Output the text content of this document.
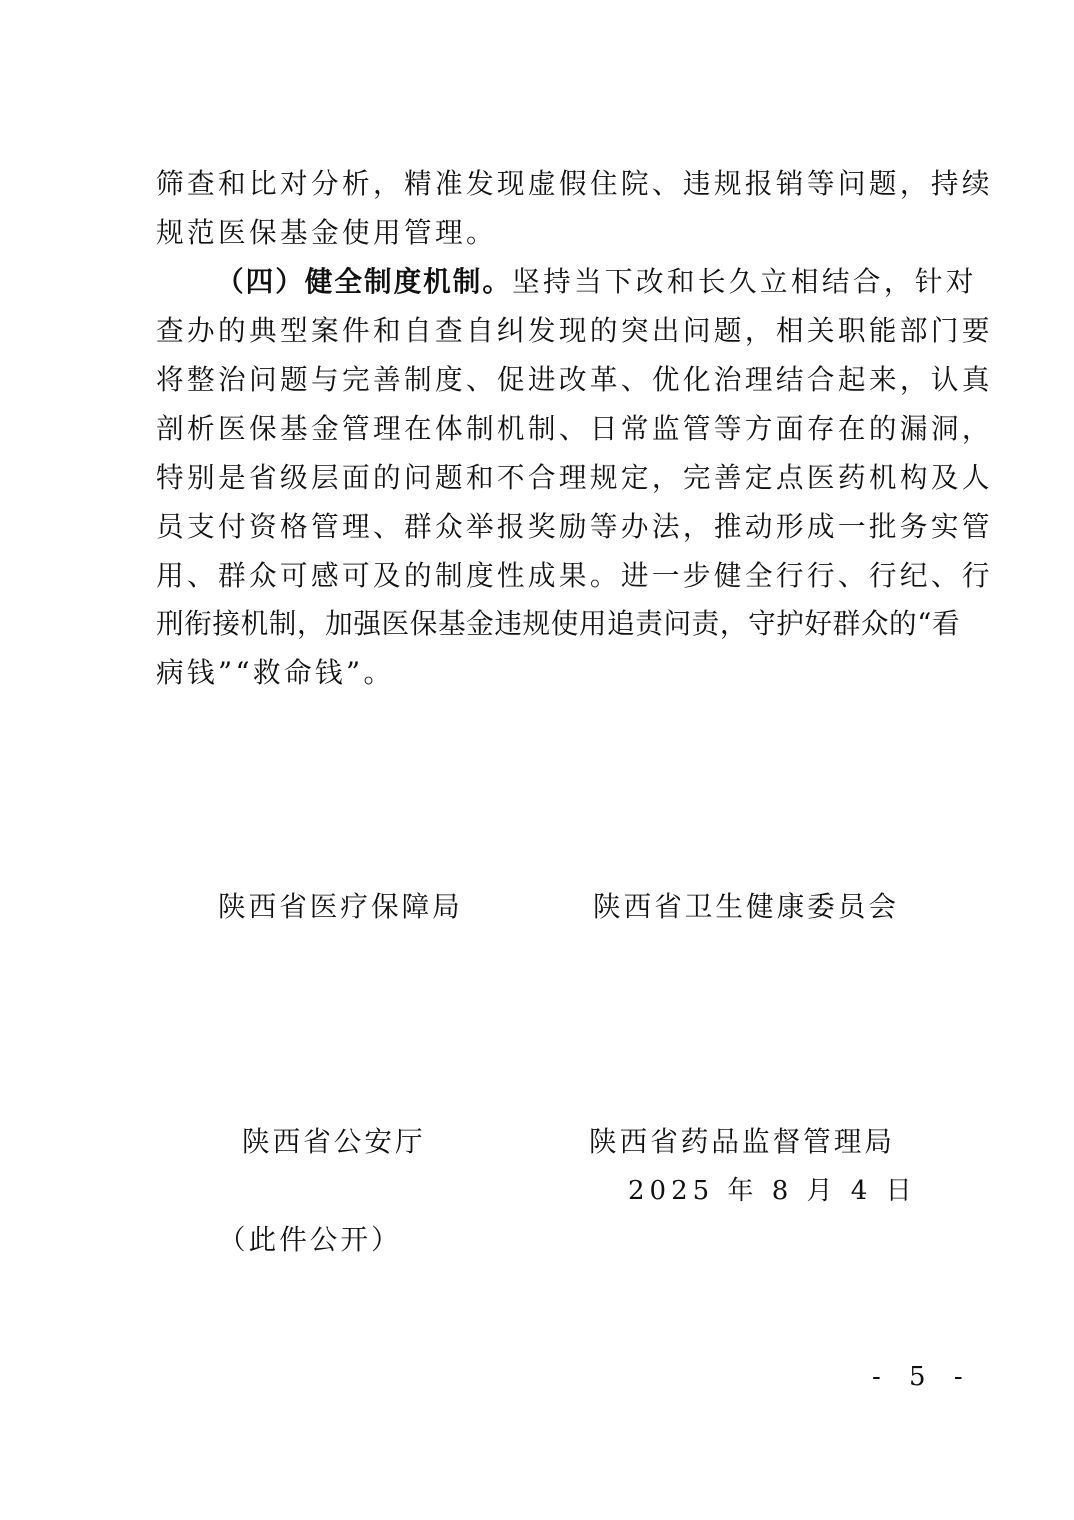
筛查和比对分析，精准发现虚假住院、违规报销等问题，持续
规范医保基金使用管理。
（四）健全制度机制。坚持当下改和长久立相结合，针对
查办的典型案件和自查自纠发现的突出问题，相关职能部门要
将整治问题与完善制度、促进改革、优化治理结合起来，认真
剖析医保基金管理在体制机制、日常监管等方面存在的漏洞，
特别是省级层面的问题和不合理规定，完善定点医药机构及人
员支付资格管理、群众举报奖励等办法，推动形成一批务实管
用、群众可感可及的制度性成果。进一步健全行行、行纪、行
刑衔接机制，加强医保基金违规使用追责问责，守护好群众的“看
病钱”“救命钱”。
陕西省医疗保障局	陕西省卫生健康委员会
陕西省公安厅	陕西省药品监督管理局
2025 年 8 月 4 日
（此件公开）
- 5 -
